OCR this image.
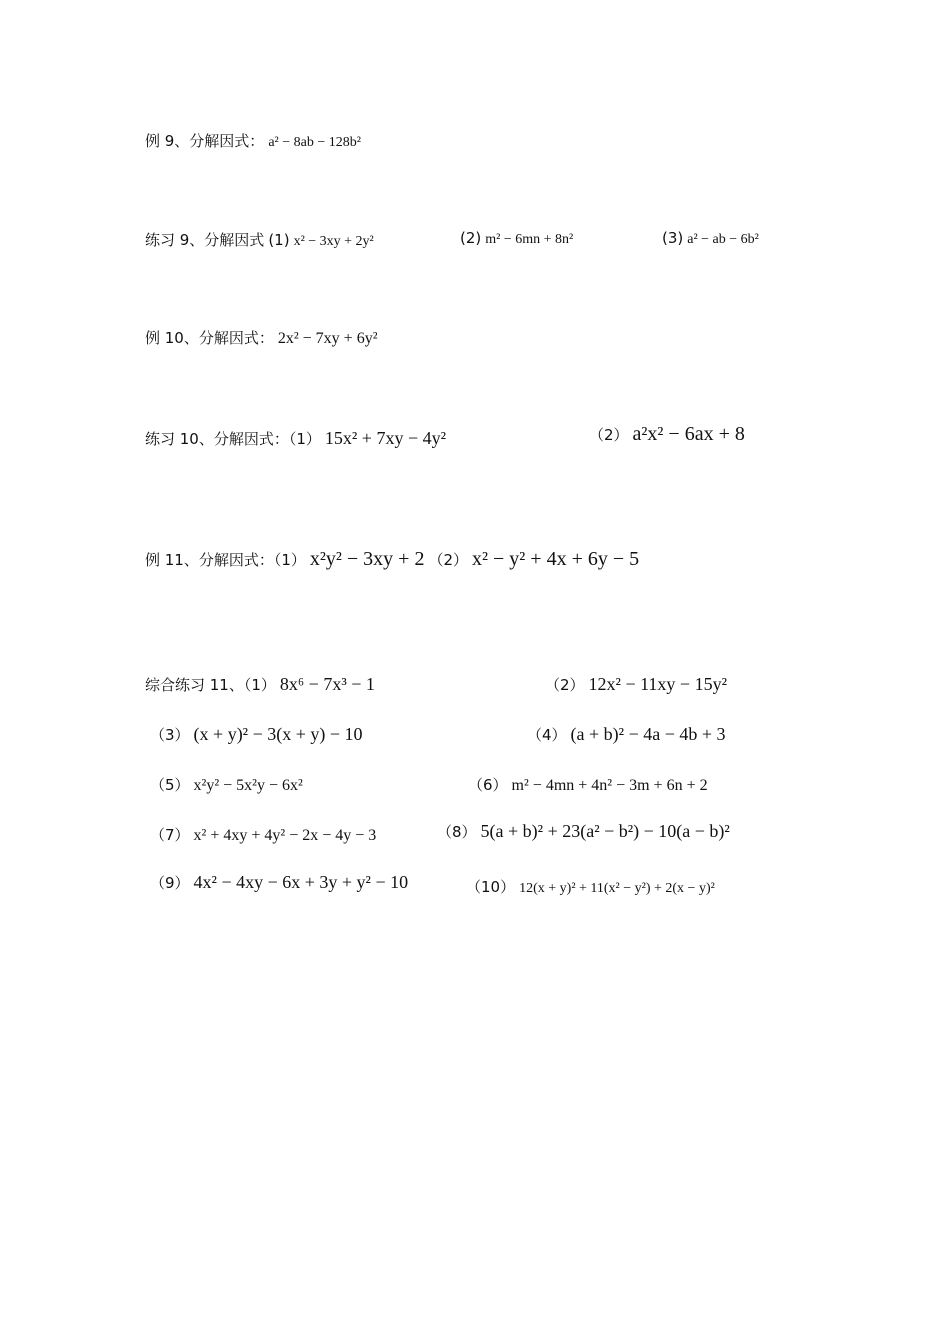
例 9、分解因式： a² − 8ab − 128b²
练习 9、分解因式 (1) x² − 3xy + 2y²	(2) m² − 6mn + 8n²	(3) a² − ab − 6b²
例 10、分解因式： 2x² − 7xy + 6y²
练习 10、分解因式：（1） 15x² + 7xy − 4y²	（2） a²x² − 6ax + 8
例 11、分解因式：（1） x²y² − 3xy + 2 （2） x² − y² + 4x + 6y − 5
综合练习 11、（1） 8x⁶ − 7x³ − 1	（2） 12x² − 11xy − 15y²
（3） (x + y)² − 3(x + y) − 10	（4） (a + b)² − 4a − 4b + 3
（5） x²y² − 5x²y − 6x²	（6） m² − 4mn + 4n² − 3m + 6n + 2
（7） x² + 4xy + 4y² − 2x − 4y − 3	（8） 5(a + b)² + 23(a² − b²) − 10(a − b)²
（9） 4x² − 4xy − 6x + 3y + y² − 10	（10） 12(x + y)² + 11(x² − y²) + 2(x − y)²
